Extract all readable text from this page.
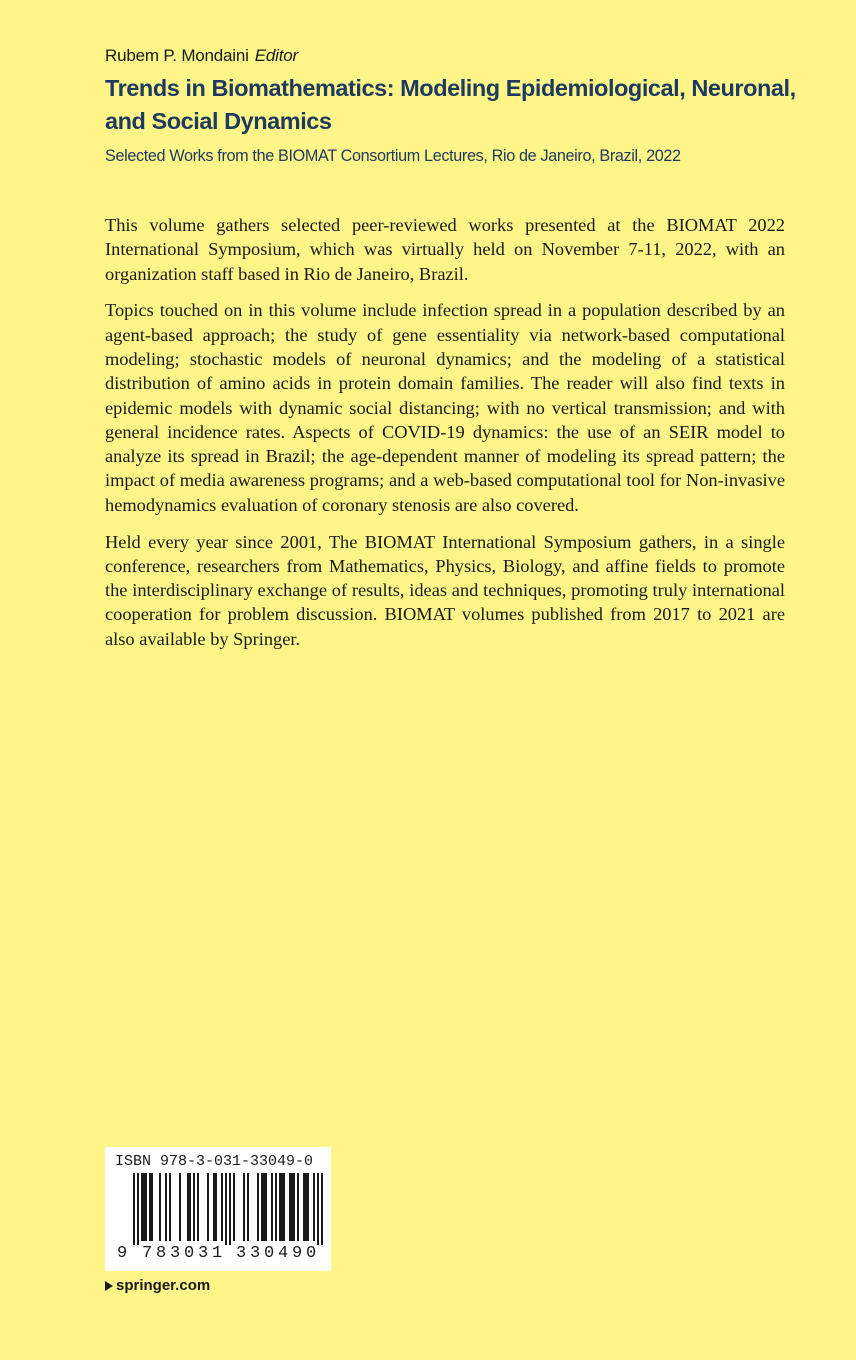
Rubem P. Mondaini Editor
Trends in Biomathematics: Modeling Epidemiological, Neuronal,
and Social Dynamics
Selected Works from the BIOMAT Consortium Lectures, Rio de Janeiro, Brazil, 2022

This volume gathers selected peer-reviewed works presented at the BIOMAT 2022 International Symposium, which was virtually held on November 7-11, 2022, with an organization staff based in Rio de Janeiro, Brazil.

Topics touched on in this volume include infection spread in a population described by an agent-based approach; the study of gene essentiality via network-based computational modeling; stochastic models of neuronal dynamics; and the modeling of a statistical distribution of amino acids in protein domain families. The reader will also find texts in epidemic models with dynamic social distancing; with no vertical transmission; and with general incidence rates. Aspects of COVID-19 dynamics: the use of an SEIR model to analyze its spread in Brazil; the age-dependent manner of modeling its spread pattern; the impact of media awareness programs; and a web-based computational tool for Non-invasive hemodynamics evaluation of coronary stenosis are also covered.

Held every year since 2001, The BIOMAT International Symposium gathers, in a single conference, researchers from Mathematics, Physics, Biology, and affine fields to promote the interdisciplinary exchange of results, ideas and techniques, promoting truly international cooperation for problem discussion. BIOMAT volumes published from 2017 to 2021 are also available by Springer.

ISBN 978-3-031-33049-0
9 7 8 3 0 3 1 3 3 0 4 9 0
springer.com
